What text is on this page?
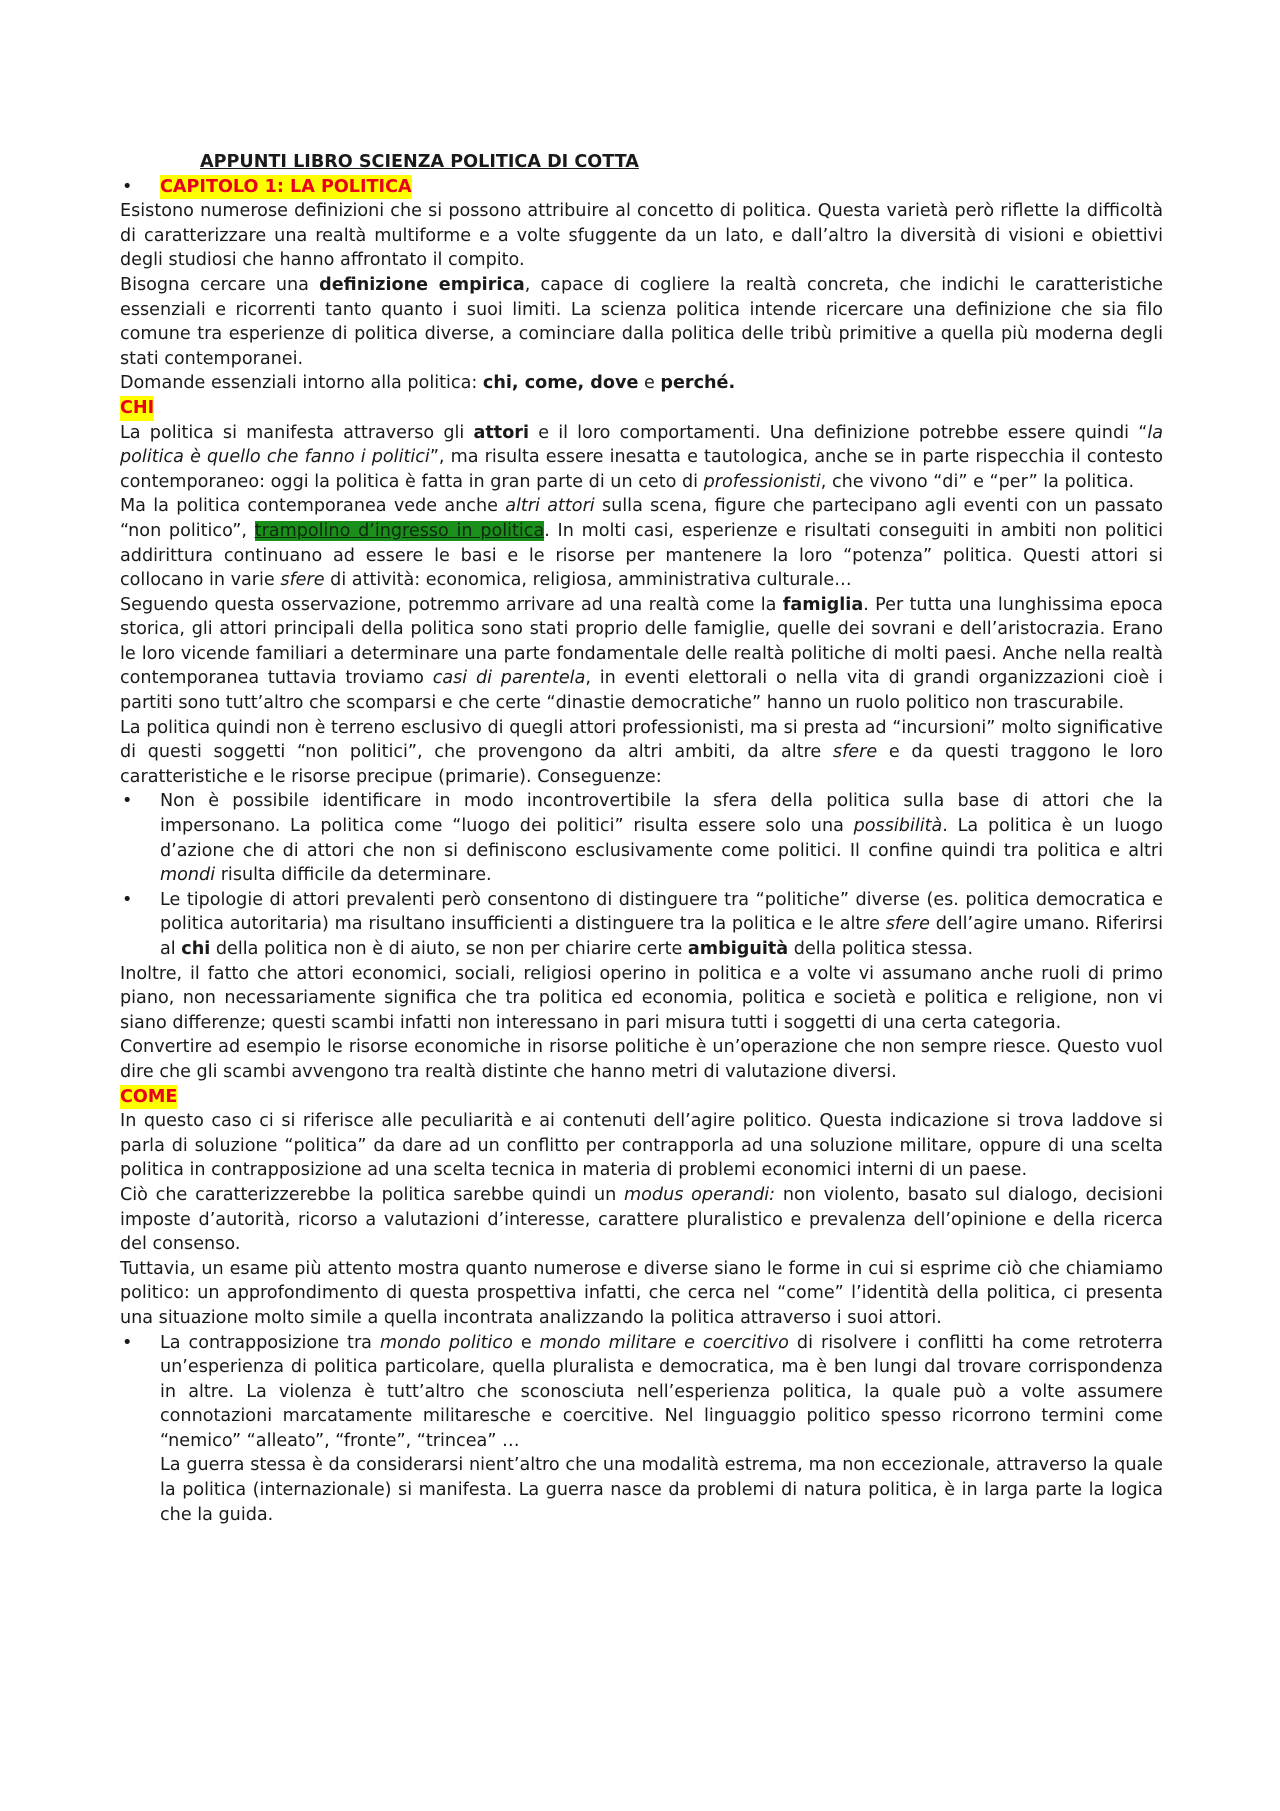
APPUNTI LIBRO SCIENZA POLITICA DI COTTA

• CAPITOLO 1: LA POLITICA

Esistono numerose definizioni che si possono attribuire al concetto di politica. Questa varietà però riflette la difficoltà di caratterizzare una realtà multiforme e a volte sfuggente da un lato, e dall’altro la diversità di visioni e obiettivi degli studiosi che hanno affrontato il compito.

Bisogna cercare una definizione empirica, capace di cogliere la realtà concreta, che indichi le caratteristiche essenziali e ricorrenti tanto quanto i suoi limiti. La scienza politica intende ricercare una definizione che sia filo comune tra esperienze di politica diverse, a cominciare dalla politica delle tribù primitive a quella più moderna degli stati contemporanei.

Domande essenziali intorno alla politica: chi, come, dove e perché.

CHI

La politica si manifesta attraverso gli attori e il loro comportamenti. Una definizione potrebbe essere quindi “la politica è quello che fanno i politici”, ma risulta essere inesatta e tautologica, anche se in parte rispecchia il contesto contemporaneo: oggi la politica è fatta in gran parte di un ceto di professionisti, che vivono “di” e “per” la politica.

Ma la politica contemporanea vede anche altri attori sulla scena, figure che partecipano agli eventi con un passato “non politico”, trampolino d’ingresso in politica. In molti casi, esperienze e risultati conseguiti in ambiti non politici addirittura continuano ad essere le basi e le risorse per mantenere la loro “potenza” politica. Questi attori si collocano in varie sfere di attività: economica, religiosa, amministrativa culturale…

Seguendo questa osservazione, potremmo arrivare ad una realtà come la famiglia. Per tutta una lunghissima epoca storica, gli attori principali della politica sono stati proprio delle famiglie, quelle dei sovrani e dell’aristocrazia. Erano le loro vicende familiari a determinare una parte fondamentale delle realtà politiche di molti paesi. Anche nella realtà contemporanea tuttavia troviamo casi di parentela, in eventi elettorali o nella vita di grandi organizzazioni cioè i partiti sono tutt’altro che scomparsi e che certe “dinastie democratiche” hanno un ruolo politico non trascurabile.

La politica quindi non è terreno esclusivo di quegli attori professionisti, ma si presta ad “incursioni” molto significative di questi soggetti “non politici”, che provengono da altri ambiti, da altre sfere e da questi traggono le loro caratteristiche e le risorse precipue (primarie). Conseguenze:

• Non è possibile identificare in modo incontrovertibile la sfera della politica sulla base di attori che la impersonano. La politica come “luogo dei politici” risulta essere solo una possibilità. La politica è un luogo d’azione che di attori che non si definiscono esclusivamente come politici. Il confine quindi tra politica e altri mondi risulta difficile da determinare.

• Le tipologie di attori prevalenti però consentono di distinguere tra “politiche” diverse (es. politica democratica e politica autoritaria) ma risultano insufficienti a distinguere tra la politica e le altre sfere dell’agire umano. Riferirsi al chi della politica non è di aiuto, se non per chiarire certe ambiguità della politica stessa.

Inoltre, il fatto che attori economici, sociali, religiosi operino in politica e a volte vi assumano anche ruoli di primo piano, non necessariamente significa che tra politica ed economia, politica e società e politica e religione, non vi siano differenze; questi scambi infatti non interessano in pari misura tutti i soggetti di una certa categoria.

Convertire ad esempio le risorse economiche in risorse politiche è un’operazione che non sempre riesce. Questo vuol dire che gli scambi avvengono tra realtà distinte che hanno metri di valutazione diversi.

COME

In questo caso ci si riferisce alle peculiarità e ai contenuti dell’agire politico. Questa indicazione si trova laddove si parla di soluzione “politica” da dare ad un conflitto per contrapporla ad una soluzione militare, oppure di una scelta politica in contrapposizione ad una scelta tecnica in materia di problemi economici interni di un paese.

Ciò che caratterizzerebbe la politica sarebbe quindi un modus operandi: non violento, basato sul dialogo, decisioni imposte d’autorità, ricorso a valutazioni d’interesse, carattere pluralistico e prevalenza dell’opinione e della ricerca del consenso.

Tuttavia, un esame più attento mostra quanto numerose e diverse siano le forme in cui si esprime ciò che chiamiamo politico: un approfondimento di questa prospettiva infatti, che cerca nel “come” l’identità della politica, ci presenta una situazione molto simile a quella incontrata analizzando la politica attraverso i suoi attori.

• La contrapposizione tra mondo politico e mondo militare e coercitivo di risolvere i conflitti ha come retroterra un’esperienza di politica particolare, quella pluralista e democratica, ma è ben lungi dal trovare corrispondenza in altre. La violenza è tutt’altro che sconosciuta nell’esperienza politica, la quale può a volte assumere connotazioni marcatamente militaresche e coercitive. Nel linguaggio politico spesso ricorrono termini come “nemico” “alleato”, “fronte”, “trincea” …

La guerra stessa è da considerarsi nient’altro che una modalità estrema, ma non eccezionale, attraverso la quale la politica (internazionale) si manifesta. La guerra nasce da problemi di natura politica, è in larga parte la logica che la guida.
